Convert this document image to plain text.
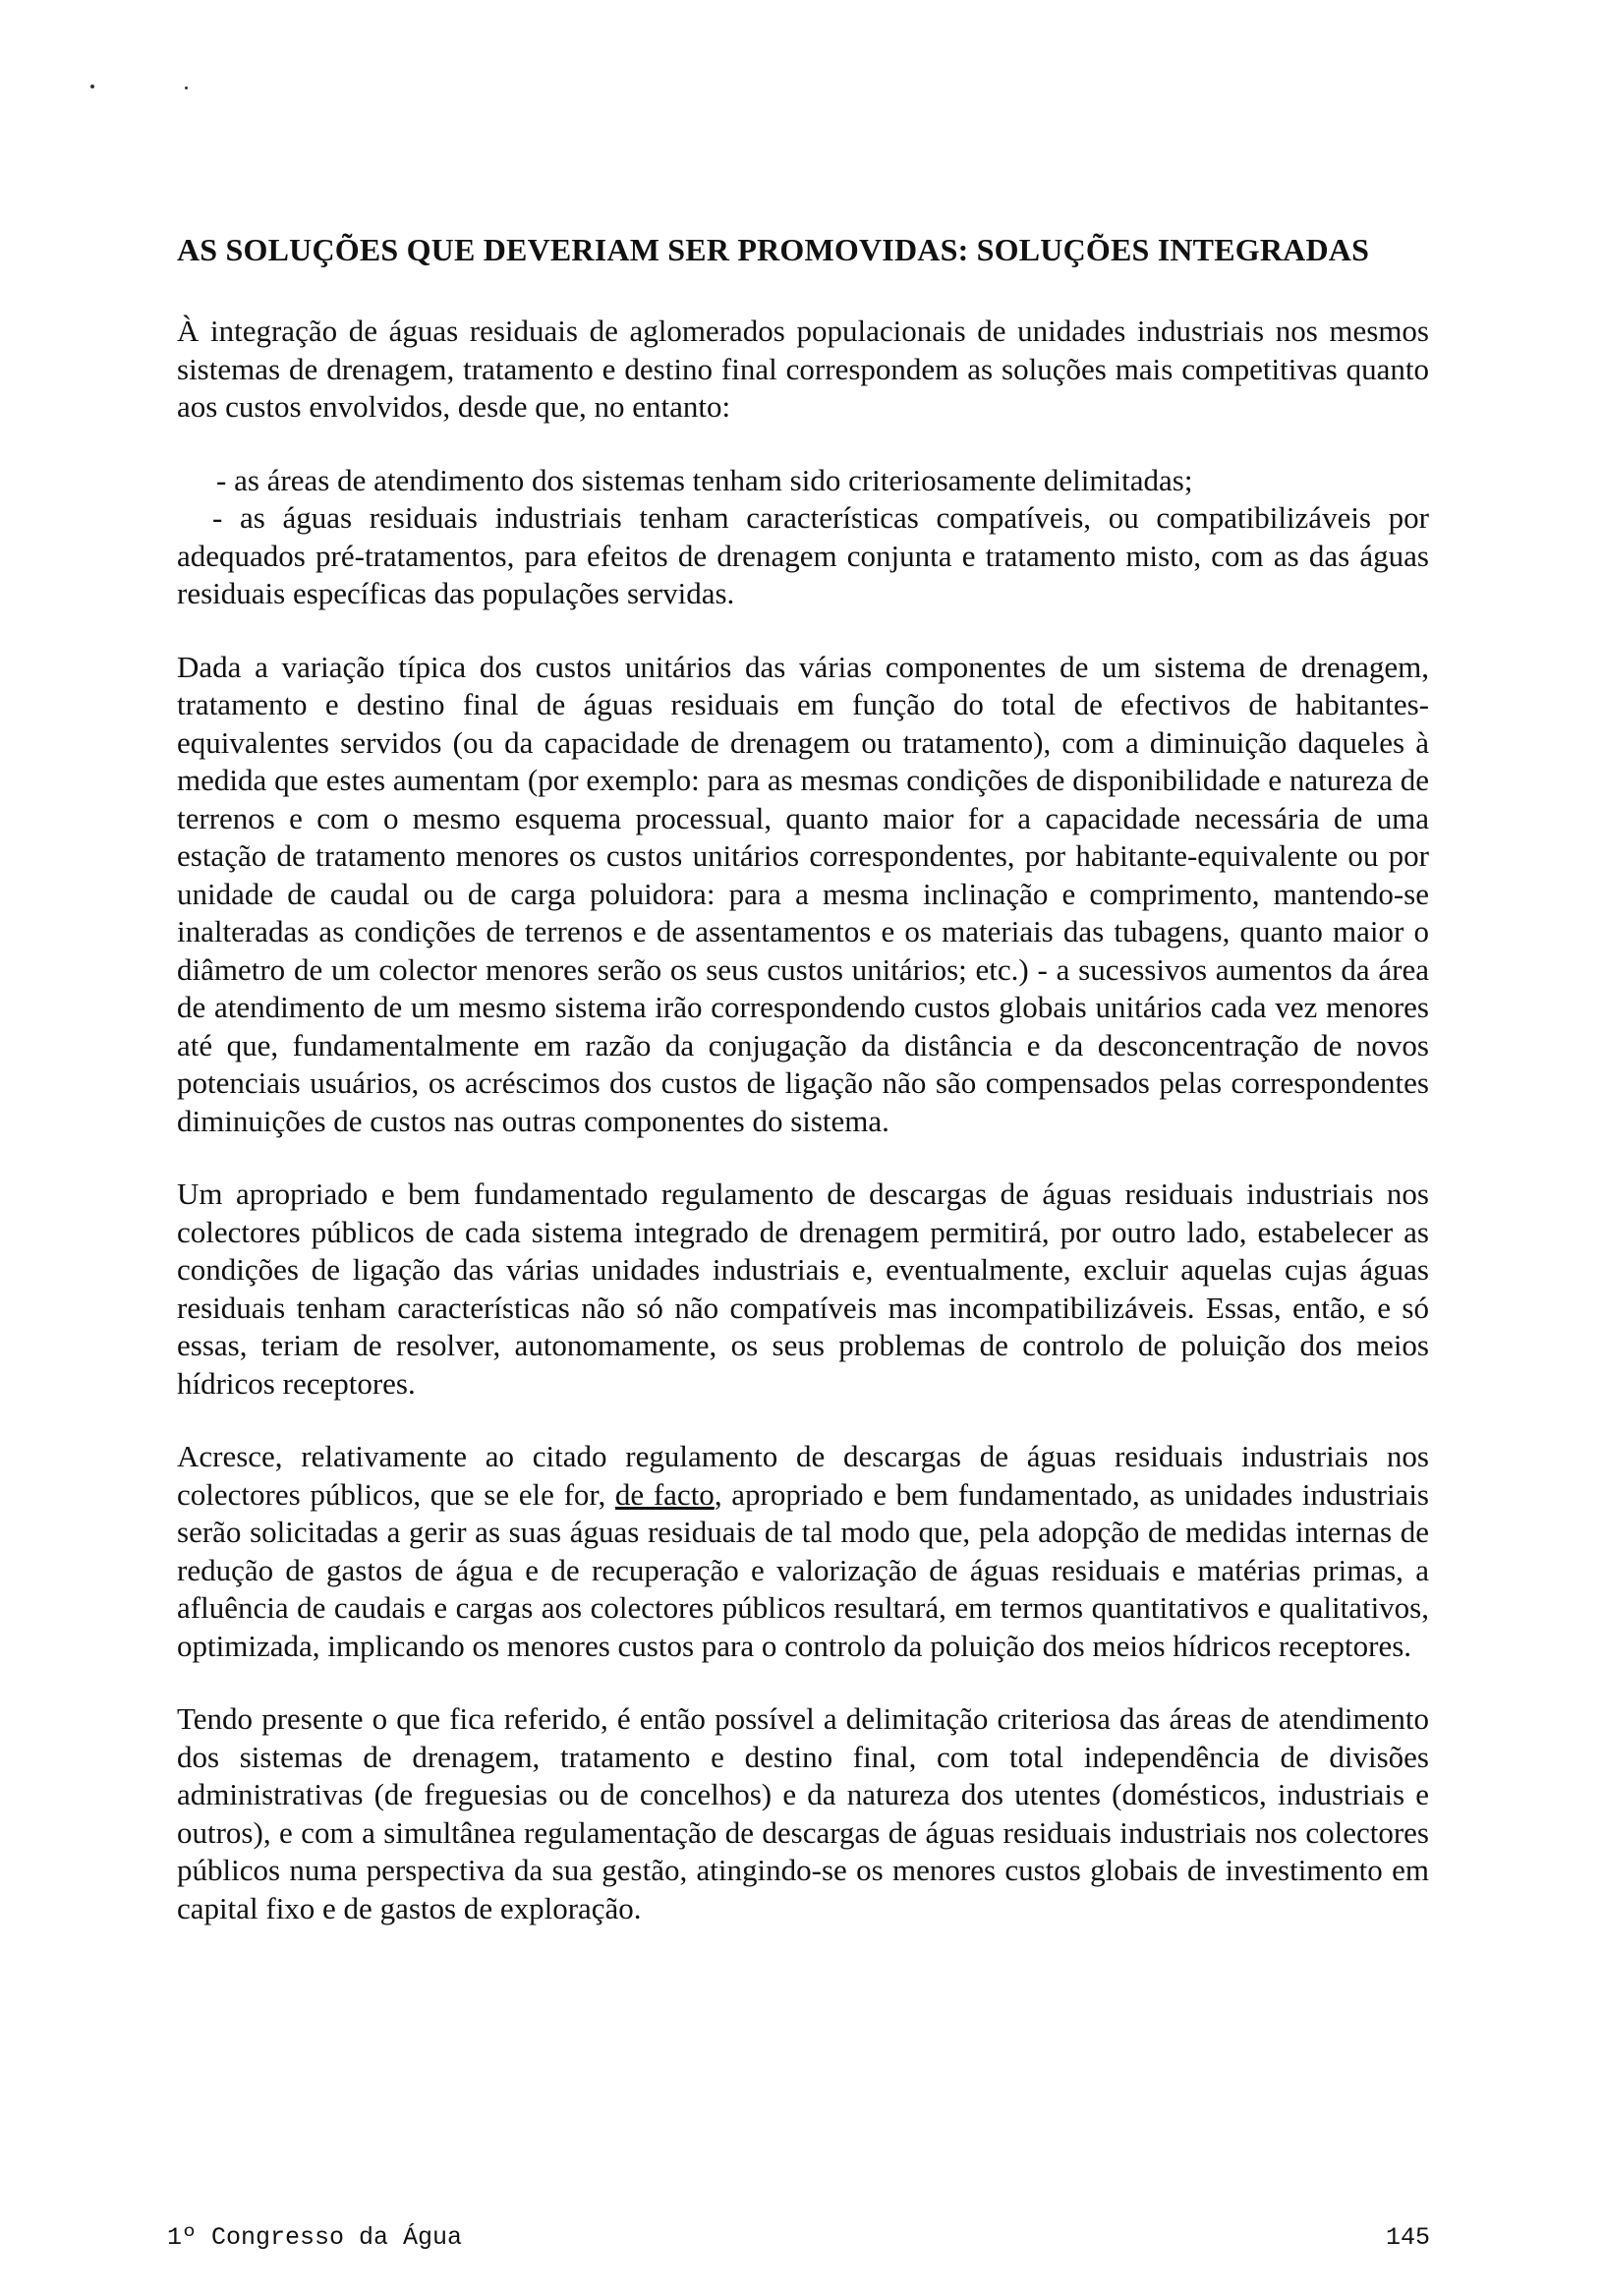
AS SOLUÇÕES QUE DEVERIAM SER PROMOVIDAS: SOLUÇÕES INTEGRADAS

À integração de águas residuais de aglomerados populacionais de unidades industriais nos mesmos sistemas de drenagem, tratamento e destino final correspondem as soluções mais competitivas quanto aos custos envolvidos, desde que, no entanto:

- as áreas de atendimento dos sistemas tenham sido criteriosamente delimitadas;
- as águas residuais industriais tenham características compatíveis, ou compatibilizáveis por adequados pré-tratamentos, para efeitos de drenagem conjunta e tratamento misto, com as das águas residuais específicas das populações servidas.

Dada a variação típica dos custos unitários das várias componentes de um sistema de drenagem, tratamento e destino final de águas residuais em função do total de efectivos de habitantes-equivalentes servidos (ou da capacidade de drenagem ou tratamento), com a diminuição daqueles à medida que estes aumentam (por exemplo: para as mesmas condições de disponibilidade e natureza de terrenos e com o mesmo esquema processual, quanto maior for a capacidade necessária de uma estação de tratamento menores os custos unitários correspondentes, por habitante-equivalente ou por unidade de caudal ou de carga poluidora: para a mesma inclinação e comprimento, mantendo-se inalteradas as condições de terrenos e de assentamentos e os materiais das tubagens, quanto maior o diâmetro de um colector menores serão os seus custos unitários; etc.) - a sucessivos aumentos da área de atendimento de um mesmo sistema irão correspondendo custos globais unitários cada vez menores até que, fundamentalmente em razão da conjugação da distância e da desconcentração de novos potenciais usuários, os acréscimos dos custos de ligação não são compensados pelas correspondentes diminuições de custos nas outras componentes do sistema.

Um apropriado e bem fundamentado regulamento de descargas de águas residuais industriais nos colectores públicos de cada sistema integrado de drenagem permitirá, por outro lado, estabelecer as condições de ligação das várias unidades industriais e, eventualmente, excluir aquelas cujas águas residuais tenham características não só não compatíveis mas incompatibilizáveis. Essas, então, e só essas, teriam de resolver, autonomamente, os seus problemas de controlo de poluição dos meios hídricos receptores.

Acresce, relativamente ao citado regulamento de descargas de águas residuais industriais nos colectores públicos, que se ele for, de facto, apropriado e bem fundamentado, as unidades industriais serão solicitadas a gerir as suas águas residuais de tal modo que, pela adopção de medidas internas de redução de gastos de água e de recuperação e valorização de águas residuais e matérias primas, a afluência de caudais e cargas aos colectores públicos resultará, em termos quantitativos e qualitativos, optimizada, implicando os menores custos para o controlo da poluição dos meios hídricos receptores.

Tendo presente o que fica referido, é então possível a delimitação criteriosa das áreas de atendimento dos sistemas de drenagem, tratamento e destino final, com total independência de divisões administrativas (de freguesias ou de concelhos) e da natureza dos utentes (domésticos, industriais e outros), e com a simultânea regulamentação de descargas de águas residuais industriais nos colectores públicos numa perspectiva da sua gestão, atingindo-se os menores custos globais de investimento em capital fixo e de gastos de exploração.

1º Congresso da Água	145
